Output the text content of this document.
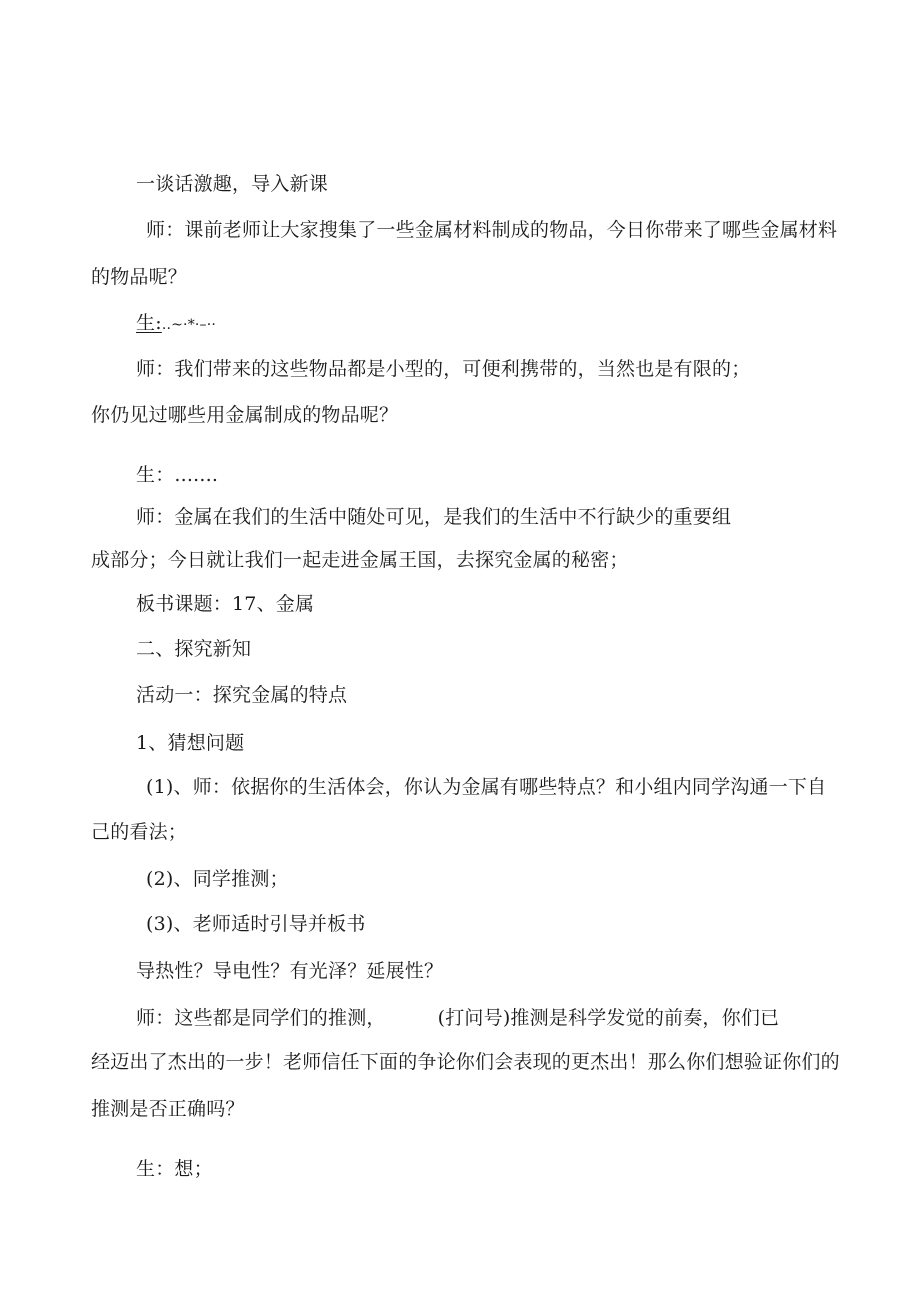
一谈话激趣，导入新课
师：课前老师让大家搜集了一些金属材料制成的物品，今日你带来了哪些金属材料
的物品呢？
生:..~·*·–··
师：我们带来的这些物品都是小型的，可便利携带的，当然也是有限的；
你仍见过哪些用金属制成的物品呢？
生：.......
师：金属在我们的生活中随处可见，是我们的生活中不行缺少的重要组
成部分；今日就让我们一起走进金属王国，去探究金属的秘密；
板书课题：17、金属
二、探究新知
活动一：探究金属的特点
1、猜想问题
(1)、师：依据你的生活体会，你认为金属有哪些特点？和小组内同学沟通一下自
己的看法；
(2)、同学推测；
(3)、老师适时引导并板书
导热性？导电性？有光泽？延展性？
师：这些都是同学们的推测，	(打问号)推测是科学发觉的前奏，你们已
经迈出了杰出的一步！老师信任下面的争论你们会表现的更杰出！那么你们想验证你们的
推测是否正确吗？
生：想；
